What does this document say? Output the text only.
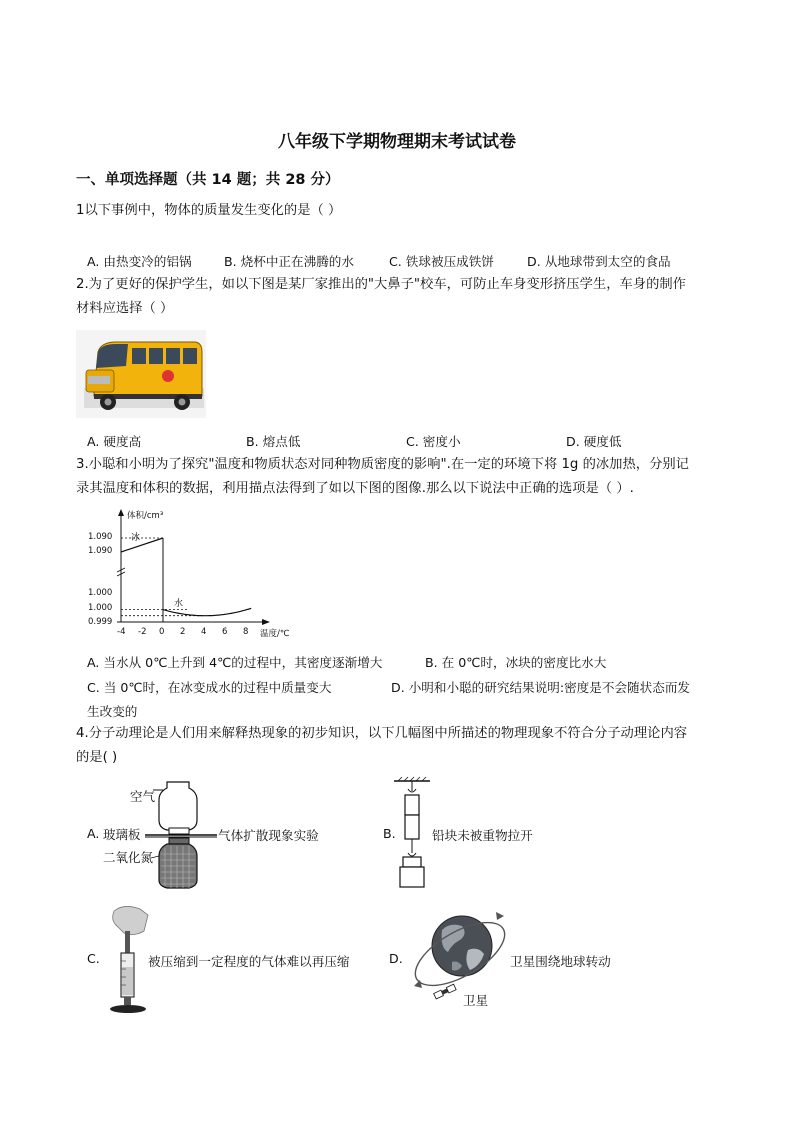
八年级下学期物理期末考试试卷
一、单项选择题（共 14 题；共 28 分）
1以下事例中，物体的质量发生变化的是（ ）
A. 由热变冷的铝锅	B. 烧杯中正在沸腾的水	C. 铁球被压成铁饼	D. 从地球带到太空的食品
2.为了更好的保护学生，如以下图是某厂家推出的"大鼻子"校车，可防止车身变形挤压学生，车身的制作
材料应选择（ ）
A. 硬度高	B. 熔点低	C. 密度小	D. 硬度低
3.小聪和小明为了探究"温度和物质状态对同种物质密度的影响".在一定的环境下将 1g 的冰加热，分别记
录其温度和体积的数据，利用描点法得到了如以下图的图像.那么以下说法中正确的选项是（ ）.
体积/cm³
温度/℃
1.090
1.090
1.000
1.000
0.999
-4 -2 0 2 4 6 8
冰
水
A. 当水从 0℃上升到 4℃的过程中，其密度逐渐增大	B. 在 0℃时，冰块的密度比水大
C. 当 0℃时，在冰变成水的过程中质量变大	D. 小明和小聪的研究结果说明:密度是不会随状态而发
生改变的
4.分子动理论是人们用来解释热现象的初步知识，以下几幅图中所描述的物理现象不符合分子动理论内容
的是( )
A.
空气
玻璃板
二氧化氮
气体扩散现象实验	B.	铅块未被重物拉开
C.	被压缩到一定程度的气体难以再压缩	D.	卫星围绕地球转动
卫星
